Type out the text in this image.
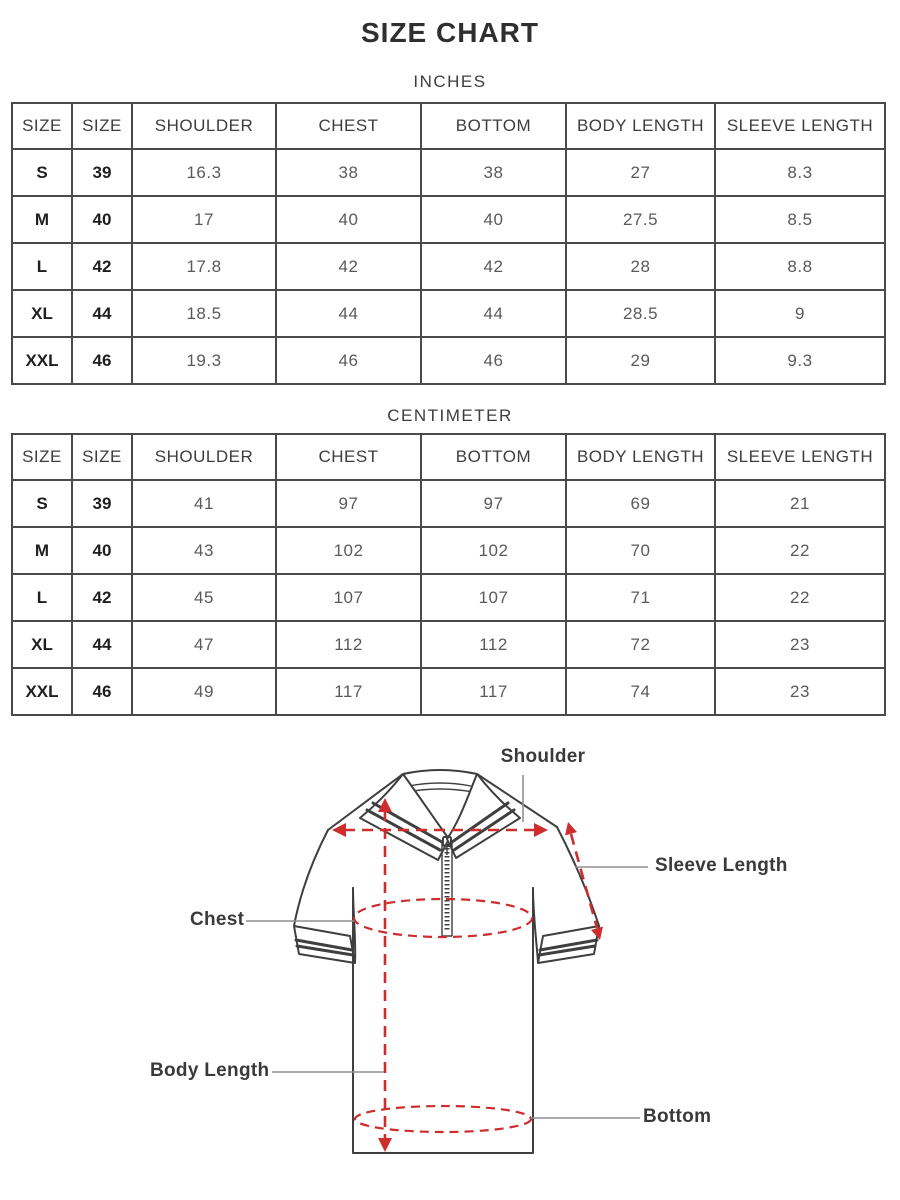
SIZE CHART
INCHES
SIZE	SIZE	SHOULDER	CHEST	BOTTOM	BODY LENGTH	SLEEVE LENGTH
S	39	16.3	38	38	27	8.3
M	40	17	40	40	27.5	8.5
L	42	17.8	42	42	28	8.8
XL	44	18.5	44	44	28.5	9
XXL	46	19.3	46	46	29	9.3
CENTIMETER
SIZE	SIZE	SHOULDER	CHEST	BOTTOM	BODY LENGTH	SLEEVE LENGTH
S	39	41	97	97	69	21
M	40	43	102	102	70	22
L	42	45	107	107	71	22
XL	44	47	112	112	72	23
XXL	46	49	117	117	74	23
Shoulder
Sleeve Length
Chest
Body Length
Bottom
